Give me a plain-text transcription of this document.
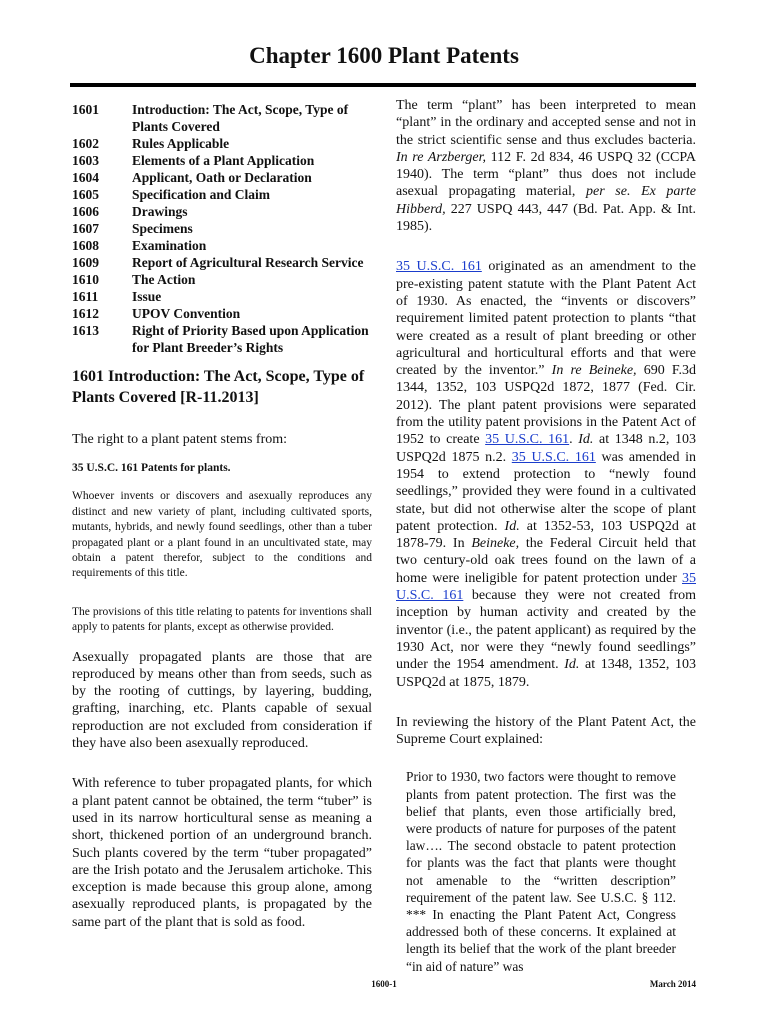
Chapter 1600 Plant Patents
1601	Introduction: The Act, Scope, Type of Plants Covered
1602	Rules Applicable
1603	Elements of a Plant Application
1604	Applicant, Oath or Declaration
1605	Specification and Claim
1606	Drawings
1607	Specimens
1608	Examination
1609	Report of Agricultural Research Service
1610	The Action
1611	Issue
1612	UPOV Convention
1613	Right of Priority Based upon Application for Plant Breeder’s Rights
1601 Introduction: The Act, Scope, Type of Plants Covered [R-11.2013]

The right to a plant patent stems from:

35 U.S.C. 161 Patents for plants.

Whoever invents or discovers and asexually reproduces any distinct and new variety of plant, including cultivated sports, mutants, hybrids, and newly found seedlings, other than a tuber propagated plant or a plant found in an uncultivated state, may obtain a patent therefor, subject to the conditions and requirements of this title.

The provisions of this title relating to patents for inventions shall apply to patents for plants, except as otherwise provided.

Asexually propagated plants are those that are reproduced by means other than from seeds, such as by the rooting of cuttings, by layering, budding, grafting, inarching, etc. Plants capable of sexual reproduction are not excluded from consideration if they have also been asexually reproduced.

With reference to tuber propagated plants, for which a plant patent cannot be obtained, the term “tuber” is used in its narrow horticultural sense as meaning a short, thickened portion of an underground branch. Such plants covered by the term “tuber propagated” are the Irish potato and the Jerusalem artichoke. This exception is made because this group alone, among asexually reproduced plants, is propagated by the same part of the plant that is sold as food.

The term “plant” has been interpreted to mean “plant” in the ordinary and accepted sense and not in the strict scientific sense and thus excludes bacteria. In re Arzberger, 112 F. 2d 834, 46 USPQ 32 (CCPA 1940). The term “plant” thus does not include asexual propagating material, per se. Ex parte Hibberd, 227 USPQ 443, 447 (Bd. Pat. App. & Int. 1985).

35 U.S.C. 161 originated as an amendment to the pre-existing patent statute with the Plant Patent Act of 1930. As enacted, the “invents or discovers” requirement limited patent protection to plants “that were created as a result of plant breeding or other agricultural and horticultural efforts and that were created by the inventor.” In re Beineke, 690 F.3d 1344, 1352, 103 USPQ2d 1872, 1877 (Fed. Cir. 2012). The plant patent provisions were separated from the utility patent provisions in the Patent Act of 1952 to create 35 U.S.C. 161. Id. at 1348 n.2, 103 USPQ2d 1875 n.2. 35 U.S.C. 161 was amended in 1954 to extend protection to “newly found seedlings,” provided they were found in a cultivated state, but did not otherwise alter the scope of plant patent protection. Id. at 1352-53, 103 USPQ2d at 1878-79. In Beineke, the Federal Circuit held that two century-old oak trees found on the lawn of a home were ineligible for patent protection under 35 U.S.C. 161 because they were not created from inception by human activity and created by the inventor (i.e., the patent applicant) as required by the 1930 Act, nor were they “newly found seedlings” under the 1954 amendment. Id. at 1348, 1352, 103 USPQ2d at 1875, 1879.

In reviewing the history of the Plant Patent Act, the Supreme Court explained:

Prior to 1930, two factors were thought to remove plants from patent protection. The first was the belief that plants, even those artificially bred, were products of nature for purposes of the patent law…. The second obstacle to patent protection for plants was the fact that plants were thought not amenable to the “written description” requirement of the patent law. See U.S.C. § 112. *** In enacting the Plant Patent Act, Congress addressed both of these concerns. It explained at length its belief that the work of the plant breeder “in aid of nature” was

1600-1	March 2014
